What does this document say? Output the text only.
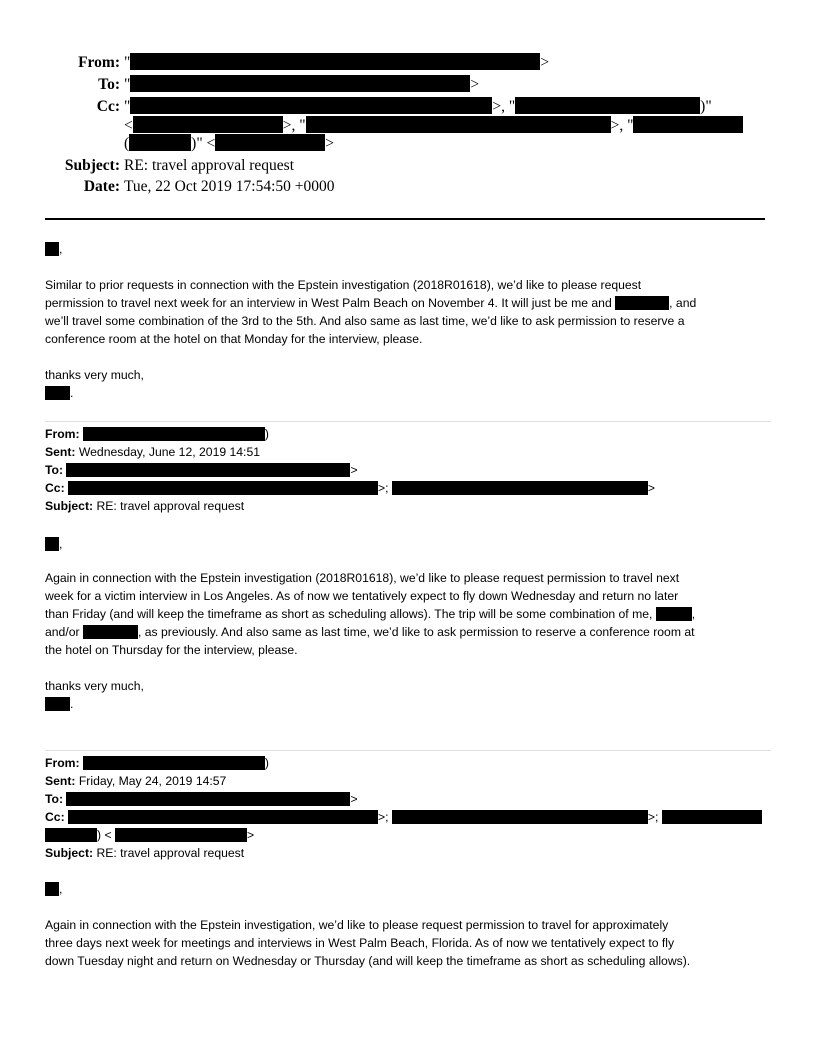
From: "	>
To: "	>
Cc: "	>, "	)"
<	>, "	>, "
(	)" <	>
Subject: RE: travel approval request
Date: Tue, 22 Oct 2019 17:54:50 +0000
,
Similar to prior requests in connection with the Epstein investigation (2018R01618), we’d like to please request
permission to travel next week for an interview in West Palm Beach on November 4. It will just be me and	, and
we’ll travel some combination of the 3rd to the 5th. And also same as last time, we’d like to ask permission to reserve a
conference room at the hotel on that Monday for the interview, please.
thanks very much,
.
From:	)
Sent: Wednesday, June 12, 2019 14:51
To:	>
Cc:	>;	>
Subject: RE: travel approval request
,
Again in connection with the Epstein investigation (2018R01618), we’d like to please request permission to travel next
week for a victim interview in Los Angeles. As of now we tentatively expect to fly down Wednesday and return no later
than Friday (and will keep the timeframe as short as scheduling allows). The trip will be some combination of me,	,
and/or	, as previously. And also same as last time, we’d like to ask permission to reserve a conference room at
the hotel on Thursday for the interview, please.
thanks very much,
.
From:	)
Sent: Friday, May 24, 2019 14:57
To:	>
Cc:	>;	>;
) <	>
Subject: RE: travel approval request
,
Again in connection with the Epstein investigation, we’d like to please request permission to travel for approximately
three days next week for meetings and interviews in West Palm Beach, Florida. As of now we tentatively expect to fly
down Tuesday night and return on Wednesday or Thursday (and will keep the timeframe as short as scheduling allows).
